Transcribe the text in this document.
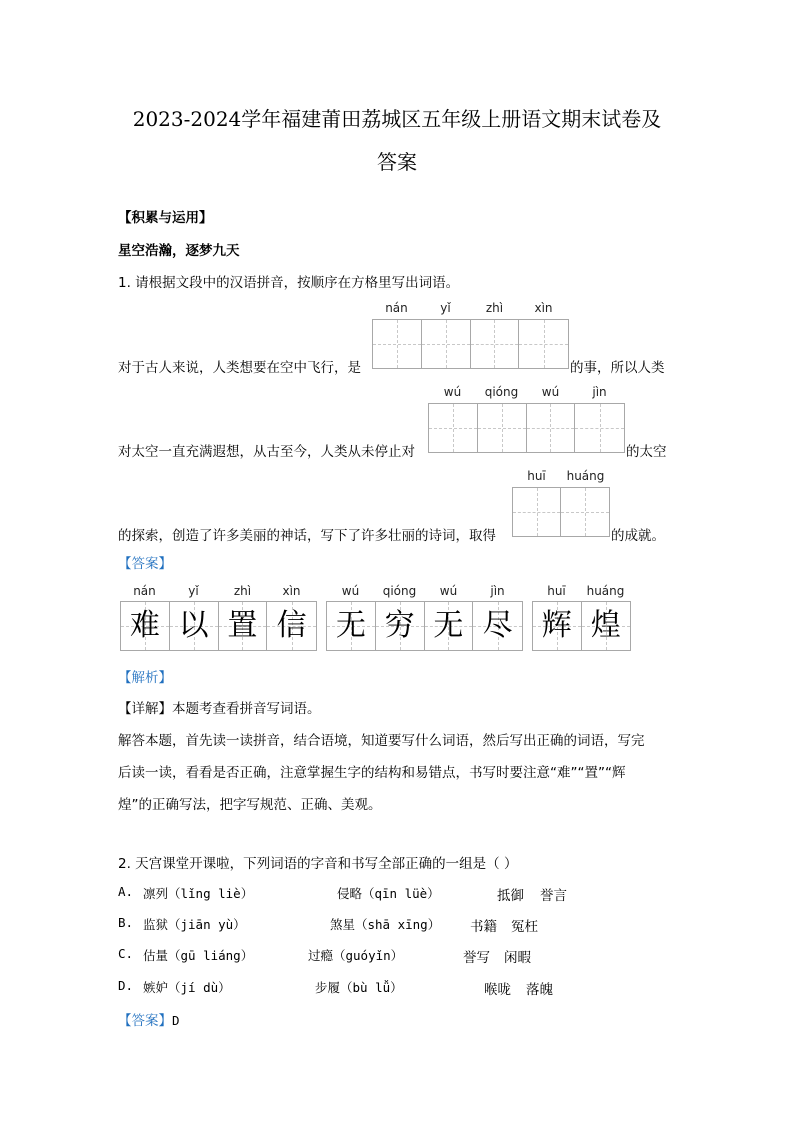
2023-2024学年福建莆田荔城区五年级上册语文期末试卷及
答案
【积累与运用】
星空浩瀚，逐梦九天
1. 请根据文段中的汉语拼音，按顺序在方格里写出词语。
nán	yǐ	zhì	xìn
对于古人来说，人类想要在空中飞行，是	的事，所以人类
wú	qióng	wú	jìn
对太空一直充满遐想，从古至今，人类从未停止对	的太空
huī	huáng
的探索，创造了许多美丽的神话，写下了许多壮丽的诗词，取得	的成就。
【答案】
nán	yǐ	zhì	xìn
难 以 置 信
wú	qióng	wú	jìn
无 穷 无 尽
huī	huáng
辉 煌
【解析】
【详解】本题考查看拼音写词语。
解答本题，首先读一读拼音，结合语境，知道要写什么词语，然后写出正确的词语，写完
后读一读，看看是否正确，注意掌握生字的结构和易错点，书写时要注意“难”“置”“辉
煌”的正确写法，把字写规范、正确、美观。
2. 天宫课堂开课啦，下列词语的字音和书写全部正确的一组是（ ）
A. 凛列（lǐng liè）	侵略（qīn lüè）	抵御 誉言
B. 监狱（jiān yù）	煞星（shā xīng） 书籍 冤枉
C. 估量（gū liáng）	过瘾（guóyǐn）	誉写 闲暇
D. 嫉妒（jí dù）	步履（bù lǚ）	喉咙 落魄
【答案】D
